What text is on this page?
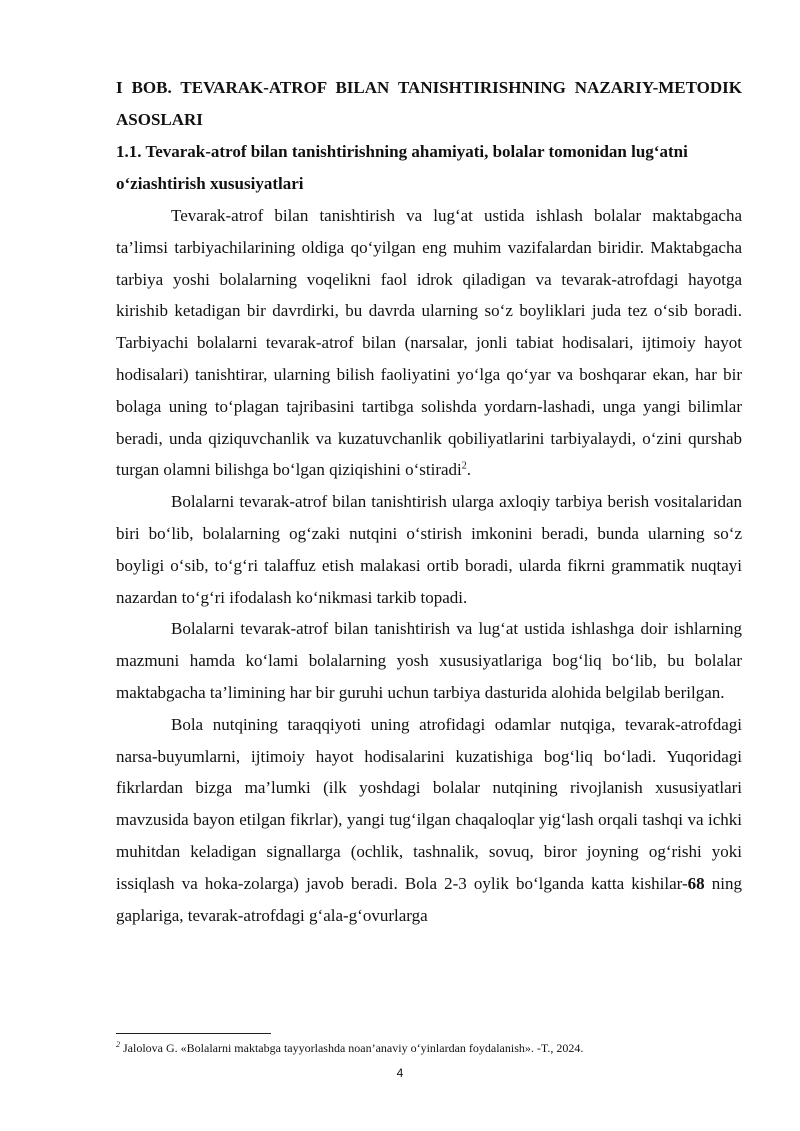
I BOB. TEVARAK-ATROF BILAN TANISHTIRISHNING NAZARIY-METODIK ASOSLARI

1.1. Tevarak-atrof bilan tanishtirishning ahamiyati, bolalar tomonidan lug‘atni o‘ziashtirish xususiyatlari

Tevarak-atrof bilan tanishtirish va lug‘at ustida ishlash bolalar maktabgacha ta’limsi tarbiyachilarining oldiga qo‘yilgan eng muhim vazifalardan biridir. Maktabgacha tarbiya yoshi bolalarning voqelikni faol idrok qiladigan va tevarak-atrofdagi hayotga kirishib ketadigan bir davrdirki, bu davrda ularning so‘z boyliklari juda tez o‘sib boradi. Tarbiyachi bolalarni tevarak-atrof bilan (narsalar, jonli tabiat hodisalari, ijtimoiy hayot hodisalari) tanishtirar, ularning bilish faoliyatini yo‘lga qo‘yar va boshqarar ekan, har bir bolaga uning to‘plagan tajribasini tartibga solishda yordarn-lashadi, unga yangi bilimlar beradi, unda qiziquvchanlik va kuzatuvchanlik qobiliyatlarini tarbiyalaydi, o‘zini qurshab turgan olamni bilishga bo‘lgan qiziqishini o‘stiradi$^2$.

Bolalarni tevarak-atrof bilan tanishtirish ularga axloqiy tarbiya berish vositalaridan biri bo‘lib, bolalarning og‘zaki nutqini o‘stirish imkonini beradi, bunda ularning so‘z boyligi o‘sib, to‘g‘ri talaffuz etish malakasi ortib boradi, ularda fikrni grammatik nuqtayi nazardan to‘g‘ri ifodalash ko‘nikmasi tarkib topadi.

Bolalarni tevarak-atrof bilan tanishtirish va lug‘at ustida ishlashga doir ishlarning mazmuni hamda ko‘lami bolalarning yosh xususiyatlariga bog‘liq bo‘lib, bu bolalar maktabgacha ta’limining har bir guruhi uchun tarbiya dasturida alohida belgilab berilgan.

Bola nutqining taraqqiyoti uning atrofidagi odamlar nutqiga, tevarak-atrofdagi narsa-buyumlarni, ijtimoiy hayot hodisalarini kuzatishiga bog‘liq bo‘ladi. Yuqoridagi fikrlardan bizga ma’lumki (ilk yoshdagi bolalar nutqining rivojlanish xususiyatlari mavzusida bayon etilgan fikrlar), yangi tug‘ilgan chaqaloqlar yig‘lash orqali tashqi va ichki muhitdan keladigan signallarga (ochlik, tashnalik, sovuq, biror joyning og‘rishi yoki issiqlash va hoka-zolarga) javob beradi. Bola 2-3 oylik bo‘lganda katta kishilar-68 ning gaplariga, tevarak-atrofdagi g‘ala-g‘ovurlarga

$^2$ Jalolova G. «Bolalarni maktabga tayyorlashda noan’anaviy o‘yinlardan foydalanish». -T., 2024.
4
